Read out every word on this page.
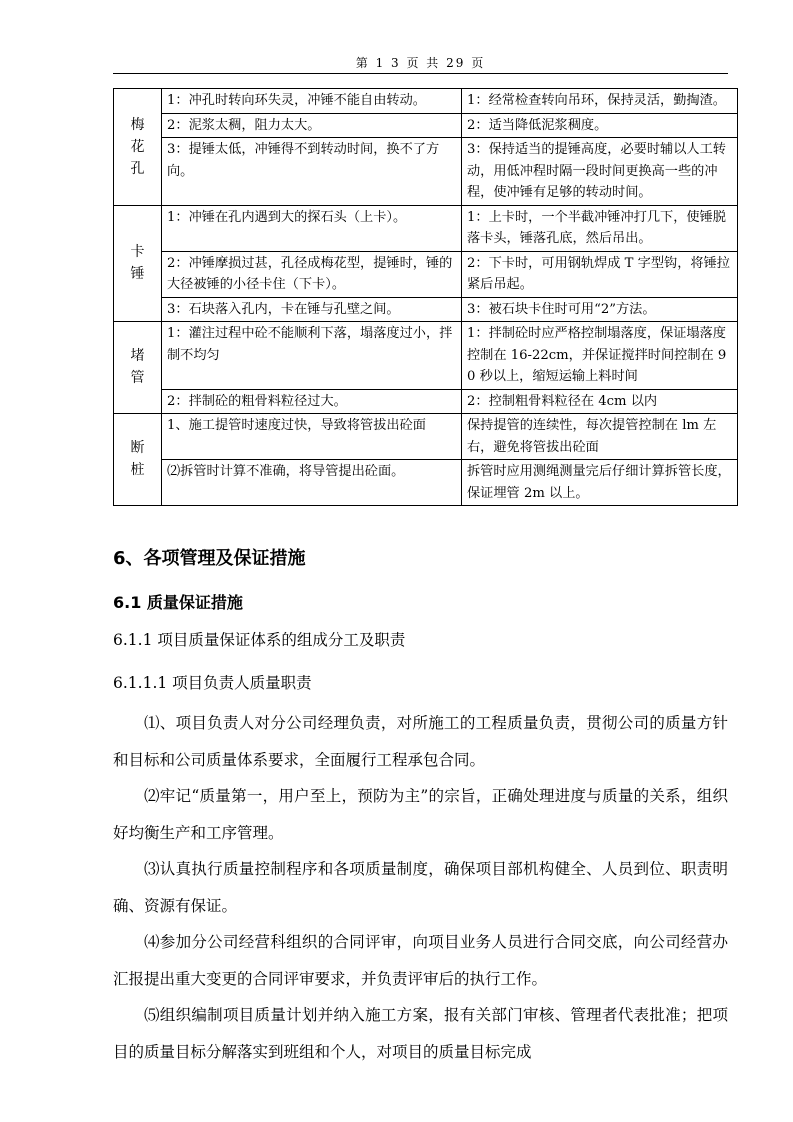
第 1 3 页 共 29 页
梅花孔	1：冲孔时转向环失灵，冲锤不能自由转动。	1：经常检查转向吊环，保持灵活，勤掏渣。
	2：泥浆太稠，阻力太大。	2：适当降低泥浆稠度。
	3：提锤太低，冲锤得不到转动时间，换不了方向。	3：保持适当的提锤高度，必要时辅以人工转动，用低冲程时隔一段时间更换高一些的冲程，使冲锤有足够的转动时间。
卡锤	1：冲锤在孔内遇到大的探石头（上卡）。	1：上卡时，一个半截冲锤冲打几下，使锤脱落卡头，锤落孔底，然后吊出。
	2：冲锤摩损过甚，孔径成梅花型，提锤时，锤的大径被锤的小径卡住（下卡）。	2：下卡时，可用钢轨焊成 T 字型钩，将锤拉紧后吊起。
	3：石块落入孔内，卡在锤与孔壁之间。	3：被石块卡住时可用“2”方法。
堵管	1：灌注过程中砼不能顺利下落，塌落度过小，拌制不均匀	1：拌制砼时应严格控制塌落度，保证塌落度控制在 16-22cm，并保证搅拌时间控制在 90 秒以上，缩短运输上料时间
	2：拌制砼的粗骨料粒径过大。	2：控制粗骨料粒径在 4cm 以内
断桩	1、施工提管时速度过快，导致将管拔出砼面	保持提管的连续性，每次提管控制在 lm 左右，避免将管拔出砼面
	⑵拆管时计算不准确，将导管提出砼面。	拆管时应用测绳测量完后仔细计算拆管长度，保证埋管 2m 以上。
6、各项管理及保证措施
6.1 质量保证措施
6.1.1 项目质量保证体系的组成分工及职责
6.1.1.1 项目负责人质量职责

⑴、项目负责人对分公司经理负责，对所施工的工程质量负责，贯彻公司的质量方针和目标和公司质量体系要求，全面履行工程承包合同。

⑵牢记“质量第一，用户至上，预防为主”的宗旨，正确处理进度与质量的关系，组织好均衡生产和工序管理。

⑶认真执行质量控制程序和各项质量制度，确保项目部机构健全、人员到位、职责明确、资源有保证。

⑷参加分公司经营科组织的合同评审，向项目业务人员进行合同交底，向公司经营办汇报提出重大变更的合同评审要求，并负责评审后的执行工作。

⑸组织编制项目质量计划并纳入施工方案，报有关部门审核、管理者代表批准；把项目的质量目标分解落实到班组和个人，对项目的质量目标完成
